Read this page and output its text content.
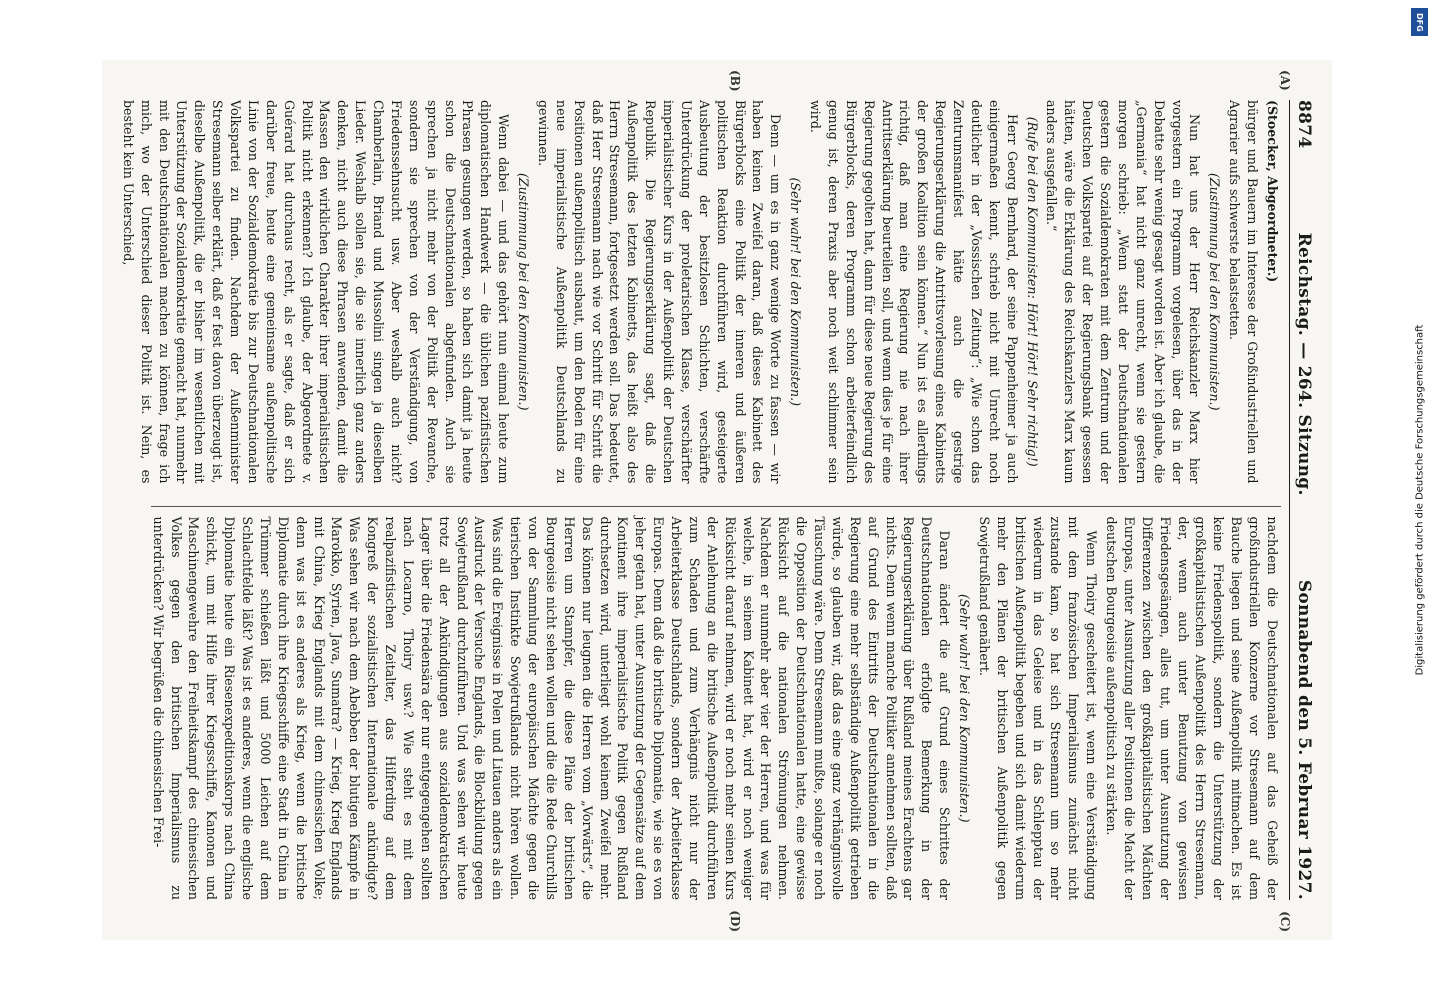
8874
Reichstag. — 264. Sitzung.
Sonnabend den 5. Februar 1927.

(Stoecker, Abgeordneter.)

bürger und Bauern im Interesse der Großindustriellen und Agrarier aufs schwerste belastsetten.

(Zustimmung bei den Kommunisten.)

Nun hat uns der Herr Reichskanzler Marx hier vorgestern ein Programm vorgelesen, über das in der Debatte sehr wenig gesagt worden ist. Aber ich glaube, die „Germania“ hat nicht ganz unrecht, wenn sie gestern morgen schrieb: „Wenn statt der Deutschnationalen gestern die Sozialdemokraten mit dem Zentrum und der Deutschen Volkspartei auf der Regierungsbank gesessen hätten, wäre die Erklärung des Reichskanzlers Marx kaum anders ausgefallen.“

(Rufe bei den Kommunisten: Hört! Hört! Sehr richtig!)

Herr Georg Bernhard, der seine Pappenheimer ja auch einigermaßen kennt, schrieb nicht mit Unrecht noch deutlicher in der „Vossischen Zeitung“: „Wie schon das Zentrumsmanifest hätte auch die gestrige Regierungserklärung die Antrittsvorlesung eines Kabinetts der großen Koalition sein können.“ Nun ist es allerdings richtig, daß man eine Regierung nie nach ihrer Antrittserklärung beurteilen soll, und wenn dies je für eine Regierung gegolten hat, dann für diese neue Regierung des Bürgerblocks, deren Programm schon arbeiterfeindlich genug ist, deren Praxis aber noch weit schlimmer sein wird.

(Sehr wahr! bei den Kommunisten.)

Denn — um es in ganz wenige Worte zu fassen — wir haben keinen Zweifel daran, daß dieses Kabinett des Bürgerblocks eine Politik der inneren und äußeren politischen Reaktion durchführen wird, gesteigerte Ausbeutung der besitzlosen Schichten, verschärfte Unterdrückung der proletarischen Klasse, verschärfter imperialistischer Kurs in der Außenpolitik der Deutschen Republik. Die Regierungserklärung sagt, daß die Außenpolitik des letzten Kabinetts, das heißt also des Herrn Stresemann, fortgesetzt werden soll. Das bedeutet, daß Herr Stresemann nach wie vor Schritt für Schritt die Positionen außenpolitisch ausbaut, um den Boden für eine neue imperialistische Außenpolitik Deutschlands zu gewinnen.

(Zustimmung bei den Kommunisten.)

Wenn dabei — und das gehört nun einmal heute zum diplomatischen Handwerk — die üblichen pazifistischen Phrasen gesungen werden, so haben sich damit ja heute schon die Deutschnationalen abgefunden. Auch sie sprechen ja nicht mehr von der Politik der Revanche, sondern sie sprechen von der Verständigung, von Friedenssehnsucht usw. Aber weshalb auch nicht? Chamberlain, Briand und Mussolini singen ja dieselben Lieder. Weshalb sollen sie, die sie innerlich ganz anders denken, nicht auch diese Phrasen anwenden, damit die Massen den wirklichen Charakter ihrer imperialistischen Politik nicht erkennen? Ich glaube, der Abgeordnete v. Guérard hat durchaus recht, als er sagte, daß er sich darüber freue, heute eine gemeinsame außenpolitische Linie von der Sozialdemokratie bis zur Deutschnationalen Volkspartei zu finden. Nachdem der Außenminister Stresemann selber erklärt, daß er fest davon überzeugt ist, dieselbe Außenpolitik, die er bisher im wesentlichen mit Unterstützung der Sozialdemokratie gemacht hat, nunmehr mit den Deutschnationalen machen zu können, frage ich mich, wo der Unterschied dieser Politik ist. Nein, es besteht kein Unterschied,

nachdem die Deutschnationalen auf das Geheiß der großindustriellen Konzerne vor Stresemann auf dem Bauche liegen und seine Außenpolitik mitmachen. Es ist keine Friedenspolitik, sondern die Unterstützung der großkapitalistischen Außenpolitik des Herrn Stresemann, der, wenn auch unter Benutzung von gewissen Friedensgesängen, alles tut, um unter Ausnutzung der Differenzen zwischen den großkapitalistischen Mächten Europas, unter Ausnutzung aller Positionen die Macht der deutschen Bourgeoisie außenpolitisch zu stärken.

Wenn Thoiry gescheitert ist, wenn eine Verständigung mit dem französischen Imperialismus zunächst nicht zustande kam, so hat sich Stresemann um so mehr wiederum in das Geleise und in das Schlepptau der britischen Außenpolitik begeben und sich damit wiederum mehr den Plänen der britischen Außenpolitik gegen Sowjetrußland genähert.

(Sehr wahr! bei den Kommunisten.)

Daran ändert die auf Grund eines Schrittes der Deutschnationalen erfolgte Bemerkung in der Regierungserklärung über Rußland meines Erachtens gar nichts. Denn wenn manche Politiker annehmen sollten, daß auf Grund des Eintritts der Deutschnationalen in die Regierung eine mehr selbständige Außenpolitik getrieben würde, so glauben wir, daß das eine ganz verhängnisvolle Täuschung wäre. Denn Stresemann mußte, solange er noch die Opposition der Deutschnationalen hatte, eine gewisse Rücksicht auf die nationalen Strömungen nehmen. Nachdem er nunmehr aber vier der Herren, und was für welche, in seinem Kabinett hat, wird er noch weniger Rücksicht darauf nehmen, wird er noch mehr seinen Kurs der Anlehnung an die britische Außenpolitik durchführen zum Schaden und zum Verhängnis nicht nur der Arbeiterklasse Deutschlands, sondern der Arbeiterklasse Europas. Denn daß die britische Diplomatie, wie sie es von jeher getan hat, unter Ausnutzung der Gegensätze auf dem Kontinent ihre imperialistische Politik gegen Rußland durchsetzen wird, unterliegt wohl keinem Zweifel mehr. Das können nur leugnen die Herren vom „Vorwärts“, die Herren um Stampfer, die diese Pläne der britischen Bourgeoisie nicht sehen wollen und die die Rede Churchills von der Sammlung der europäischen Mächte gegen die tierischen Instinkte Sowjetrußlands nicht hören wollen. Was sind die Ereignisse in Polen und Litauen anders als ein Ausdruck der Versuche Englands, die Blockbildung gegen Sowjetrußland durchzuführen. Und was sehen wir heute trotz all der Ankündigungen aus sozialdemokratischen Lager über die Friedensära der nur entgegengehen sollten nach Locarno, Thoiry usw.? Wie steht es mit dem realpazifistischen Zeitalter, das Hilferding auf dem Kongreß der sozialistischen Internationale ankündigte? Was sehen wir nach dem Abebben der blutigen Kämpfe in Marokko, Syrien, Java, Sumatra? — Krieg, Krieg Englands mit China, Krieg Englands mit dem chinesischen Volke; denn was ist es anderes als Krieg, wenn die britische Diplomatie durch ihre Kriegsschiffe eine Stadt in China in Trümmer schießen läßt und 5000 Leichen auf dem Schlachtfelde läßt? Was ist es anderes, wenn die englische Diplomatie heute ein Riesenexpeditionskorps nach China schickt, um mit Hilfe ihrer Kriegsschiffe, Kanonen und Maschinengewehre den Freiheitskampf des chinesischen Volkes gegen den britischen Imperialismus zu unterdrücken? Wir begrüßen die chinesischen Frei-

(A)
(B)
(C)
(D)
DFG
Digitalisierung gefördert durch die Deutsche Forschungsgemeinschaft
